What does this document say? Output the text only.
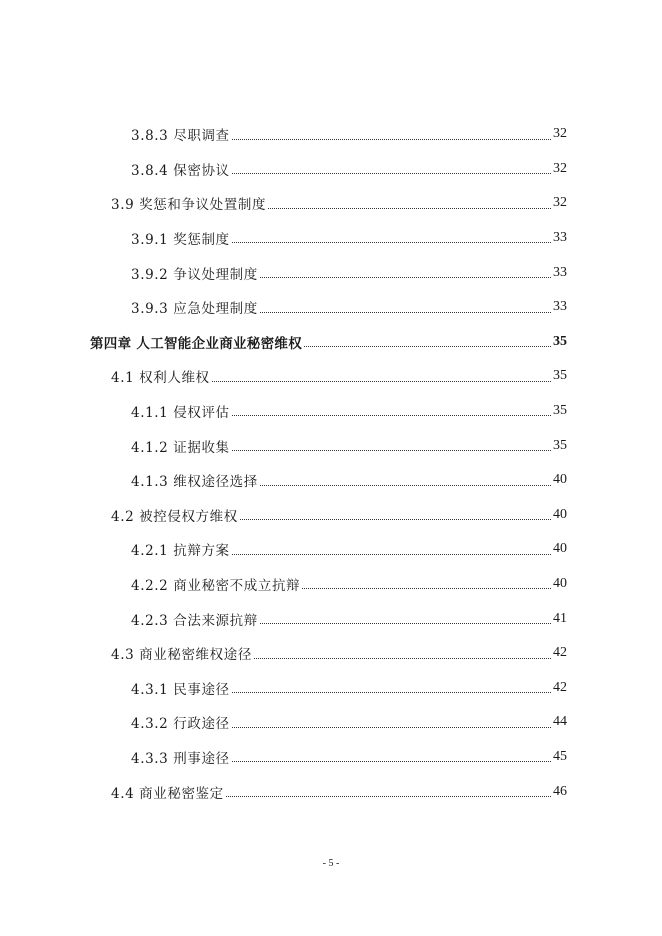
3.8.3 尽职调查	32
3.8.4 保密协议	32
3.9 奖惩和争议处置制度	32
3.9.1 奖惩制度	33
3.9.2 争议处理制度	33
3.9.3 应急处理制度	33
第四章 人工智能企业商业秘密维权	35
4.1 权利人维权	35
4.1.1 侵权评估	35
4.1.2 证据收集	35
4.1.3 维权途径选择	40
4.2 被控侵权方维权	40
4.2.1 抗辩方案	40
4.2.2 商业秘密不成立抗辩	40
4.2.3 合法来源抗辩	41
4.3 商业秘密维权途径	42
4.3.1 民事途径	42
4.3.2 行政途径	44
4.3.3 刑事途径	45
4.4 商业秘密鉴定	46
- 5 -
